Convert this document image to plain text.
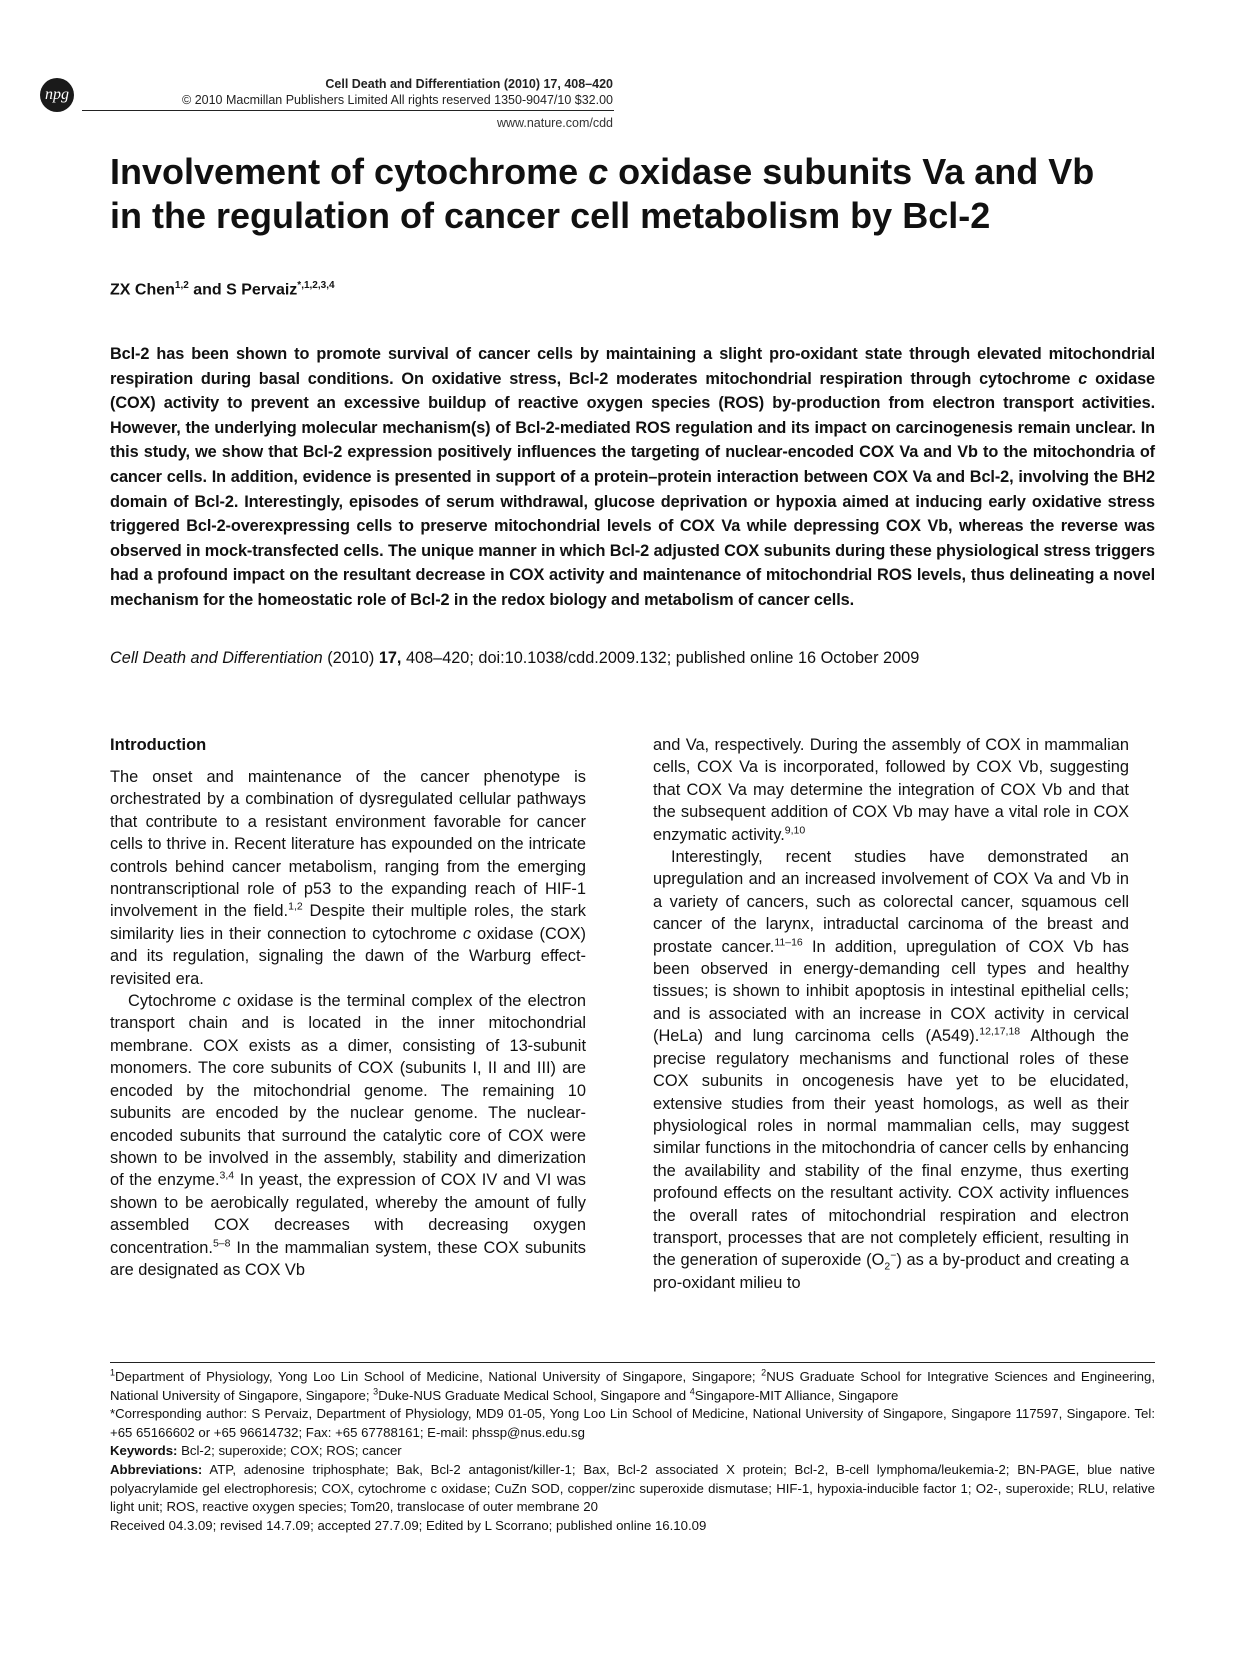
npg
Cell Death and Differentiation (2010) 17, 408–420
© 2010 Macmillan Publishers Limited All rights reserved 1350-9047/10 $32.00
www.nature.com/cdd
Involvement of cytochrome c oxidase subunits Va and Vb in the regulation of cancer cell metabolism by Bcl-2
ZX Chen$^{1,2}$ and S Pervaiz$^{*,1,2,3,4}$

Bcl-2 has been shown to promote survival of cancer cells by maintaining a slight pro-oxidant state through elevated mitochondrial respiration during basal conditions. On oxidative stress, Bcl-2 moderates mitochondrial respiration through cytochrome c oxidase (COX) activity to prevent an excessive buildup of reactive oxygen species (ROS) by-production from electron transport activities. However, the underlying molecular mechanism(s) of Bcl-2-mediated ROS regulation and its impact on carcinogenesis remain unclear. In this study, we show that Bcl-2 expression positively influences the targeting of nuclear-encoded COX Va and Vb to the mitochondria of cancer cells. In addition, evidence is presented in support of a protein–protein interaction between COX Va and Bcl-2, involving the BH2 domain of Bcl-2. Interestingly, episodes of serum withdrawal, glucose deprivation or hypoxia aimed at inducing early oxidative stress triggered Bcl-2-overexpressing cells to preserve mitochondrial levels of COX Va while depressing COX Vb, whereas the reverse was observed in mock-transfected cells. The unique manner in which Bcl-2 adjusted COX subunits during these physiological stress triggers had a profound impact on the resultant decrease in COX activity and maintenance of mitochondrial ROS levels, thus delineating a novel mechanism for the homeostatic role of Bcl-2 in the redox biology and metabolism of cancer cells.

Cell Death and Differentiation (2010) 17, 408–420; doi:10.1038/cdd.2009.132; published online 16 October 2009
Introduction

The onset and maintenance of the cancer phenotype is orchestrated by a combination of dysregulated cellular pathways that contribute to a resistant environment favorable for cancer cells to thrive in. Recent literature has expounded on the intricate controls behind cancer metabolism, ranging from the emerging nontranscriptional role of p53 to the expanding reach of HIF-1 involvement in the field.$^{1,2}$ Despite their multiple roles, the stark similarity lies in their connection to cytochrome c oxidase (COX) and its regulation, signaling the dawn of the Warburg effect-revisited era.

Cytochrome c oxidase is the terminal complex of the electron transport chain and is located in the inner mitochondrial membrane. COX exists as a dimer, consisting of 13-subunit monomers. The core subunits of COX (subunits I, II and III) are encoded by the mitochondrial genome. The remaining 10 subunits are encoded by the nuclear genome. The nuclear-encoded subunits that surround the catalytic core of COX were shown to be involved in the assembly, stability and dimerization of the enzyme.$^{3,4}$ In yeast, the expression of COX IV and VI was shown to be aerobically regulated, whereby the amount of fully assembled COX decreases with decreasing oxygen concentration.$^{5-8}$ In the mammalian system, these COX subunits are designated as COX Vb

and Va, respectively. During the assembly of COX in mammalian cells, COX Va is incorporated, followed by COX Vb, suggesting that COX Va may determine the integration of COX Vb and that the subsequent addition of COX Vb may have a vital role in COX enzymatic activity.$^{9,10}$

Interestingly, recent studies have demonstrated an upregulation and an increased involvement of COX Va and Vb in a variety of cancers, such as colorectal cancer, squamous cell cancer of the larynx, intraductal carcinoma of the breast and prostate cancer.$^{11-16}$ In addition, upregulation of COX Vb has been observed in energy-demanding cell types and healthy tissues; is shown to inhibit apoptosis in intestinal epithelial cells; and is associated with an increase in COX activity in cervical (HeLa) and lung carcinoma cells (A549).$^{12,17,18}$ Although the precise regulatory mechanisms and functional roles of these COX subunits in oncogenesis have yet to be elucidated, extensive studies from their yeast homologs, as well as their physiological roles in normal mammalian cells, may suggest similar functions in the mitochondria of cancer cells by enhancing the availability and stability of the final enzyme, thus exerting profound effects on the resultant activity. COX activity influences the overall rates of mitochondrial respiration and electron transport, processes that are not completely efficient, resulting in the generation of superoxide $(O_2^-)$ as a by-product and creating a pro-oxidant milieu to

$^1$Department of Physiology, Yong Loo Lin School of Medicine, National University of Singapore, Singapore; $^2$NUS Graduate School for Integrative Sciences and Engineering, National University of Singapore, Singapore; $^3$Duke-NUS Graduate Medical School, Singapore and $^4$Singapore-MIT Alliance, Singapore

*Corresponding author: S Pervaiz, Department of Physiology, MD9 01-05, Yong Loo Lin School of Medicine, National University of Singapore, Singapore 117597, Singapore. Tel: +65 65166602 or +65 96614732; Fax: +65 67788161; E-mail: phssp@nus.edu.sg

Keywords: Bcl-2; superoxide; COX; ROS; cancer

Abbreviations: ATP, adenosine triphosphate; Bak, Bcl-2 antagonist/killer-1; Bax, Bcl-2 associated X protein; Bcl-2, B-cell lymphoma/leukemia-2; BN-PAGE, blue native polyacrylamide gel electrophoresis; COX, cytochrome c oxidase; CuZn SOD, copper/zinc superoxide dismutase; HIF-1, hypoxia-inducible factor 1; O2-, superoxide; RLU, relative light unit; ROS, reactive oxygen species; Tom20, translocase of outer membrane 20

Received 04.3.09; revised 14.7.09; accepted 27.7.09; Edited by L Scorrano; published online 16.10.09
